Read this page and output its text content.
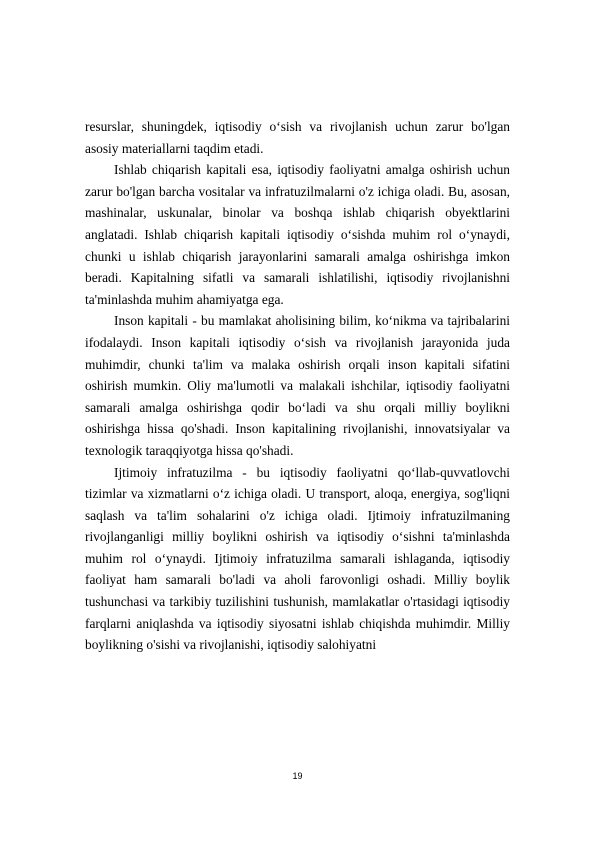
resurslar, shuningdek, iqtisodiy o‘sish va rivojlanish uchun zarur bo'lgan asosiy materiallarni taqdim etadi.

Ishlab chiqarish kapitali esa, iqtisodiy faoliyatni amalga oshirish uchun zarur bo'lgan barcha vositalar va infratuzilmalarni o'z ichiga oladi. Bu, asosan, mashinalar, uskunalar, binolar va boshqa ishlab chiqarish obyektlarini anglatadi. Ishlab chiqarish kapitali iqtisodiy o‘sishda muhim rol o‘ynaydi, chunki u ishlab chiqarish jarayonlarini samarali amalga oshirishga imkon beradi. Kapitalning sifatli va samarali ishlatilishi, iqtisodiy rivojlanishni ta'minlashda muhim ahamiyatga ega.

Inson kapitali - bu mamlakat aholisining bilim, ko‘nikma va tajribalarini ifodalaydi. Inson kapitali iqtisodiy o‘sish va rivojlanish jarayonida juda muhimdir, chunki ta'lim va malaka oshirish orqali inson kapitali sifatini oshirish mumkin. Oliy ma'lumotli va malakali ishchilar, iqtisodiy faoliyatni samarali amalga oshirishga qodir bo‘ladi va shu orqali milliy boylikni oshirishga hissa qo'shadi. Inson kapitalining rivojlanishi, innovatsiyalar va texnologik taraqqiyotga hissa qo'shadi.

Ijtimoiy infratuzilma - bu iqtisodiy faoliyatni qo‘llab-quvvatlovchi tizimlar va xizmatlarni o‘z ichiga oladi. U transport, aloqa, energiya, sog'liqni saqlash va ta'lim sohalarini o'z ichiga oladi. Ijtimoiy infratuzilmaning rivojlanganligi milliy boylikni oshirish va iqtisodiy o‘sishni ta'minlashda muhim rol o‘ynaydi. Ijtimoiy infratuzilma samarali ishlaganda, iqtisodiy faoliyat ham samarali bo'ladi va aholi farovonligi oshadi. Milliy boylik tushunchasi va tarkibiy tuzilishini tushunish, mamlakatlar o'rtasidagi iqtisodiy farqlarni aniqlashda va iqtisodiy siyosatni ishlab chiqishda muhimdir. Milliy boylikning o'sishi va rivojlanishi, iqtisodiy salohiyatni

19
